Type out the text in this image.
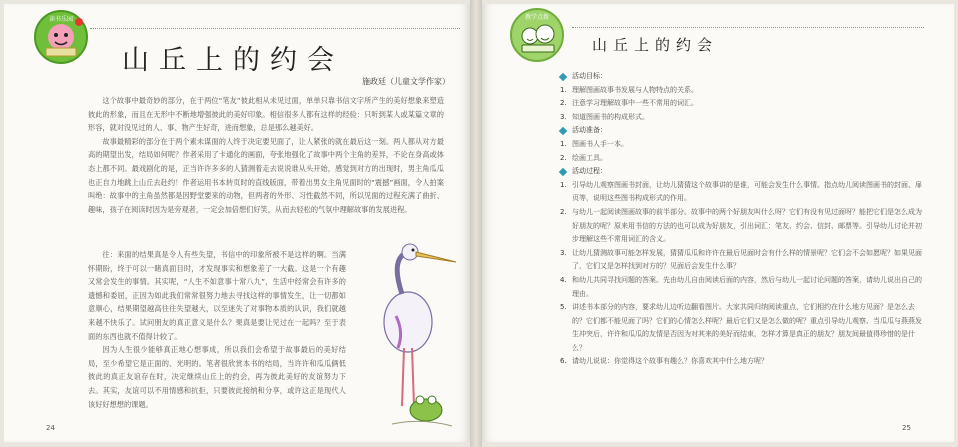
读书乐园
山丘上的约会
施政廷（儿童文学作家）

这个故事中最奇妙的部分，在于两位“笔友”彼此相从未见过面，单单只靠书信文字所产生的美好想象来塑造彼此的形象，而且在无形中不断地增强彼此的美好印象。相信很多人都有这样的经验：只听到某人或某篇文章的形容，就对没见过的人、事、物产生好奇，进而想象，总是那么越美好。

故事最精彩的部分在于两个素未谋面的人终于决定要见面了，让人紧张的就在最后这一刻。两人都从对方最高的期望出发，结局如何呢？作者采用了卡通化的画面，夸张地强化了故事中两个主角的差异，不论在身高或体态上都不同。最戏剧化的是，正当许许多多的人猜测着走去说说谁从头开始，感觉到对方的出现时，男主角瓜瓜也正自力地跳上山丘去赴约！作者运用书本转页时的直线版面，带着出男女主角见面时的“震撼”画面，令人拍案叫绝：故事中的主角虽然都是因野堂要来的动物，但两者的外形、习性截然不同，所以见面的过程充满了曲折、趣味，孩子在阅读时因为是旁观者，一定会加倍想们好笑，从而去轻松的气氛中理解故事的发展进程。

往：来面的结果真是令人有些失望，书信中的印象所被不是这样的啊。当满怀期盼，终于可以一睹真面目时，才发现事实和想象差了一大截。这是一个有趣又常会发生的事情。其实呢，“人生不如意事十常八九”，生活中经常会有许多的遗憾和委屈，正因为如此我们常常很努力地去寻找这样的事情发生，让一切都如意顺心，结果期望越高往往失望越大，以至迷失了对事物本质的认识，我们就越来越不快乐了。试问朋友的真正意义是什么？果真是要让见过在一起吗？至于表面的东西也就不值得计较了。

因为人生很少能够真正地心想事成，所以我们会希望于故事最后的美好结局，至少希望它是正面的、光明的。笔者很欣赏本书的结局，当许许和瓜瓜俩低彼此的真正友谊存在时，决定继续山丘上的约会，再为彼此美好的友谊努力下去。其实，友谊可以不用情感和抗拒，只要彼此接纳和分享，或许这正是现代人该好好想想的课题。

24
教学点拨
山丘上的约会
活动目标：
1. 理解图画故事书发展与人物特点的关系。
2. 注意学习理解故事中一些不常用的词汇。
3. 知道图画书的构成形式。
活动准备：
1. 图画书人手一本。
2. 绘画工具。
活动过程：
1. 引导幼儿观察图画书封面，让幼儿猜猜这个故事讲的是谁，可能会发生什么事情。指点幼儿阅读图画书的封面、扉页等，说明这些图书构成形式的作用。
2. 与幼儿一起阅读图画故事的前半部分。故事中的两个好朋友叫什么呀？它们有没有见过面呀？能把它们是怎么成为好朋友的呢？原来用书信的方法的也可以成为好朋友，引出词汇：笔友、约会、信封、邮票等。引导幼儿讨论并初步理解这些不常用词汇的含义。
3. 让幼儿猜测故事可能怎样发展，猜猜瓜瓜和许许在最后见面时会有什么样的情景呢？它们会不会如愿呢？如果见面了，它们又是怎样找到对方的？见面后会发生什么事？
4. 和幼儿共同寻找问题的答案。先由幼儿自由阅读后面的内容，然后与幼儿一起讨论问题的答案，请幼儿说出自己的理由。
5. 讲述书本部分的内容，要求幼儿边听边翻看图片。大家共同归纳阅读重点，它们相约在什么地方见面？是怎么去的？它们都不能见面了吗？它们的心情怎么样呢？最后它们又是怎么做的呢？重点引导幼儿观察、当瓜瓜与燕燕发生冲突后，许许和瓜瓜的友情是否因为对其来的美好而结束，怎样才算是真正的朋友？朋友间最值得珍惜的是什么？
6. 请幼儿说说：你觉得这个故事有趣么？你喜欢其中什么地方呢？
25
